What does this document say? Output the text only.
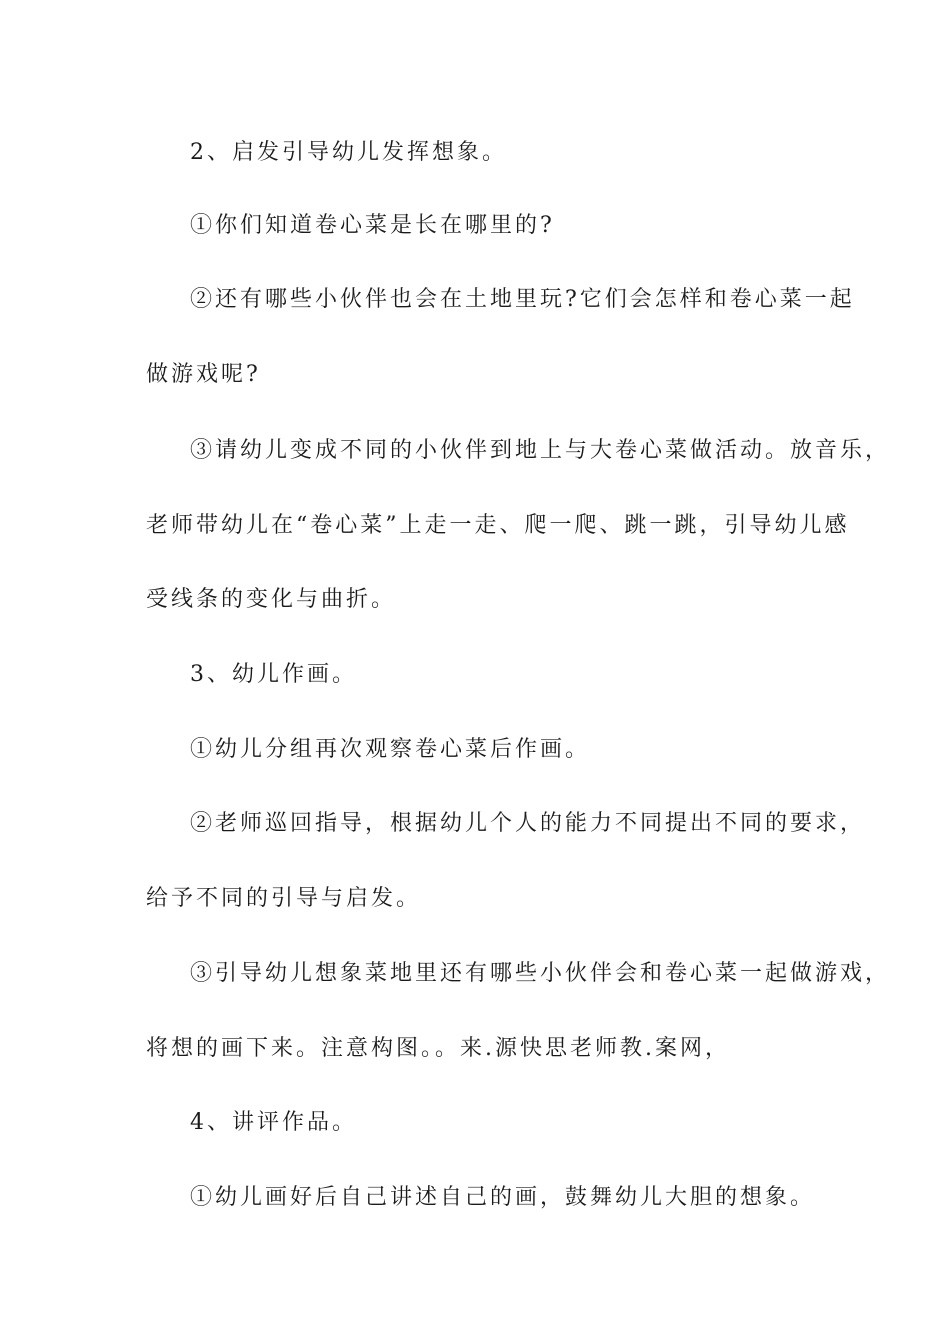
2、启发引导幼儿发挥想象。
①你们知道卷心菜是长在哪里的?
②还有哪些小伙伴也会在土地里玩?它们会怎样和卷心菜一起
做游戏呢?
③请幼儿变成不同的小伙伴到地上与大卷心菜做活动。放音乐，
老师带幼儿在“卷心菜”上走一走、爬一爬、跳一跳，引导幼儿感
受线条的变化与曲折。
3、幼儿作画。
①幼儿分组再次观察卷心菜后作画。
②老师巡回指导，根据幼儿个人的能力不同提出不同的要求，
给予不同的引导与启发。
③引导幼儿想象菜地里还有哪些小伙伴会和卷心菜一起做游戏，
将想的画下来。注意构图。。来.源快思老师教.案网，
4、讲评作品。
①幼儿画好后自己讲述自己的画，鼓舞幼儿大胆的想象。
